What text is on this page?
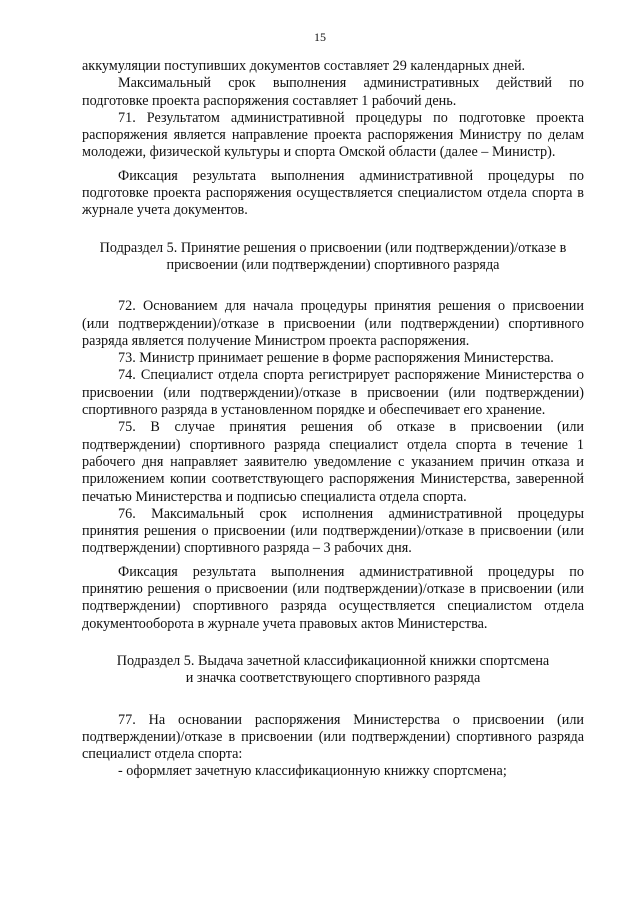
15

аккумуляции поступивших документов составляет 29 календарных дней.

Максимальный срок выполнения административных действий по подготовке проекта распоряжения составляет 1 рабочий день.

71. Результатом административной процедуры по подготовке проекта распоряжения является направление проекта распоряжения Министру по делам молодежи, физической культуры и спорта Омской области (далее – Министр).

Фиксация результата выполнения административной процедуры по подготовке проекта распоряжения осуществляется специалистом отдела спорта в журнале учета документов.

Подраздел 5. Принятие решения о присвоении (или подтверждении)/отказе в
присвоении (или подтверждении) спортивного разряда

72. Основанием для начала процедуры принятия решения о присвоении (или подтверждении)/отказе в присвоении (или подтверждении) спортивного разряда является получение Министром проекта распоряжения.

73. Министр принимает решение в форме распоряжения Министерства.

74. Специалист отдела спорта регистрирует распоряжение Министерства о присвоении (или подтверждении)/отказе в присвоении (или подтверждении) спортивного разряда в установленном порядке и обеспечивает его хранение.

75. В случае принятия решения об отказе в присвоении (или подтверждении) спортивного разряда специалист отдела спорта в течение 1 рабочего дня направляет заявителю уведомление с указанием причин отказа и приложением копии соответствующего распоряжения Министерства, заверенной печатью Министерства и подписью специалиста отдела спорта.

76. Максимальный срок исполнения административной процедуры принятия решения о присвоении (или подтверждении)/отказе в присвоении (или подтверждении) спортивного разряда – 3 рабочих дня.

Фиксация результата выполнения административной процедуры по принятию решения о присвоении (или подтверждении)/отказе в присвоении (или подтверждении) спортивного разряда осуществляется специалистом отдела документооборота в журнале учета правовых актов Министерства.

Подраздел 5. Выдача зачетной классификационной книжки спортсмена
и значка соответствующего спортивного разряда

77. На основании распоряжения Министерства о присвоении (или подтверждении)/отказе в присвоении (или подтверждении) спортивного разряда специалист отдела спорта:

- оформляет зачетную классификационную книжку спортсмена;
